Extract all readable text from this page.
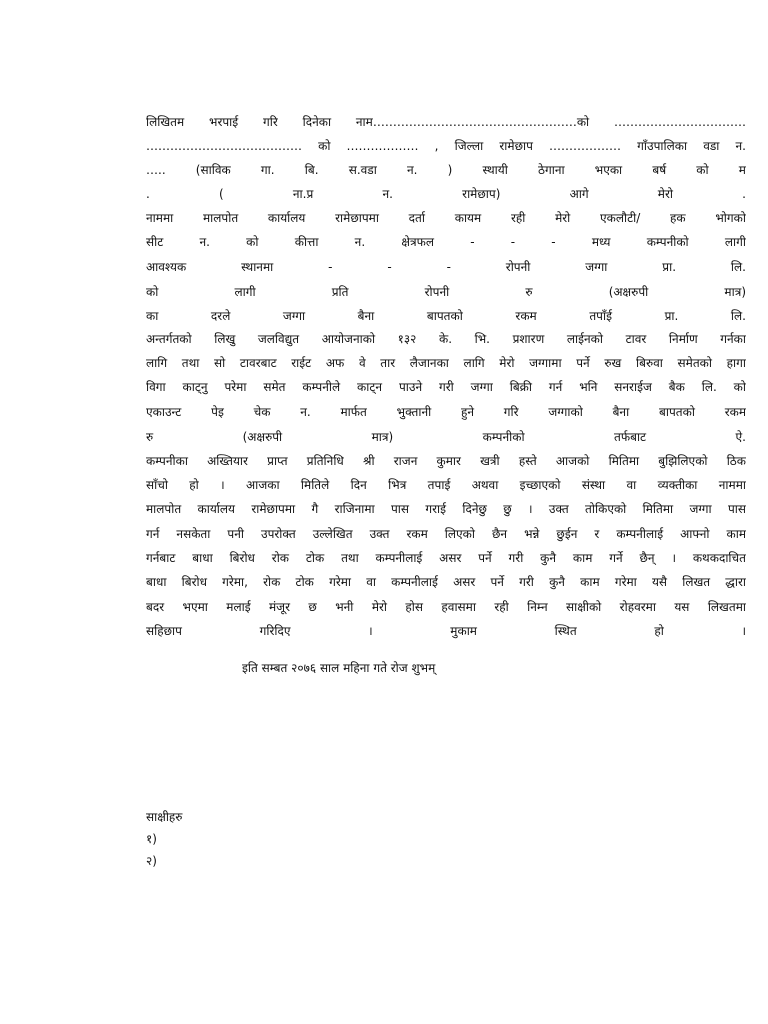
लिखितम भरपाई गरि दिनेका नाम……………………………………………को ……………………………
………………………………… को ……………… , जिल्ला रामेछाप ……………… गाँउपालिका वडा न.
….. (साविक गा. बि. स.वडा न. ) स्थायी ठेगाना भएका बर्ष को म
. ( ना.प्र न. रामेछाप) आगे मेरो .
नाममा मालपोत कार्यालय रामेछापमा दर्ता कायम रही मेरो एकलौटी/ हक भोगको
सीट न. को कीत्ता न. क्षेत्रफल - - - मध्य कम्पनीको लागी
आवश्यक स्थानमा - - - रोपनी जग्गा प्रा. लि.
को लागी प्रति रोपनी रु (अक्षरुपी मात्र)
का दरले जग्गा बैना बापतको रकम तपाँई प्रा. लि.
अन्तर्गतको लिखु जलविद्युत आयोजनाको १३२ के. भि. प्रशारण लाईनको टावर निर्माण गर्नका
लागि तथा सो टावरबाट राईट अफ वे तार लैजानका लागि मेरो जग्गामा पर्ने रुख बिरुवा समेतको हागा
विगा काट्नु परेमा समेत कम्पनीले काट्न पाउने गरी जग्गा बिक्री गर्न भनि सनराईज बैक लि. को
एकाउन्ट पेइ चेक न. मार्फत भुक्तानी हुने गरि जग्गाको बैना बापतको रकम
रु (अक्षरुपी मात्र) कम्पनीको तर्फबाट ऐ.
कम्पनीका अख्तियार प्राप्त प्रतिनिधि श्री राजन कुमार खत्री हस्ते आजको मितिमा बुझिलिएको ठिक
साँचो हो । आजका मितिले दिन भित्र तपाई अथवा इच्छाएको संस्था वा व्यक्तीका नाममा
मालपोत कार्यालय रामेछापमा गै राजिनामा पास गराई दिनेछु छु । उक्त तोकिएको मितिमा जग्गा पास
गर्न नसकेता पनी उपरोक्त उल्लेखित उक्त रकम लिएको छैन भन्ने छुईन र कम्पनीलाई आफ्नो काम
गर्नबाट बाधा बिरोध रोक टोक तथा कम्पनीलाई असर पर्ने गरी कुनै काम गर्ने छैन् । कथकदाचित
बाधा बिरोध गरेमा, रोक टोक गरेमा वा कम्पनीलाई असर पर्ने गरी कुनै काम गरेमा यसै लिखत द्धारा
बदर भएमा मलाई मंजूर छ भनी मेरो होस हवासमा रही निम्न साक्षीको रोहवरमा यस लिखतमा
सहिछाप गरिदिए । मुकाम स्थित हो ।
इति सम्बत २०७६ साल महिना गते रोज शुभम्
साक्षीहरु
१)
२)
